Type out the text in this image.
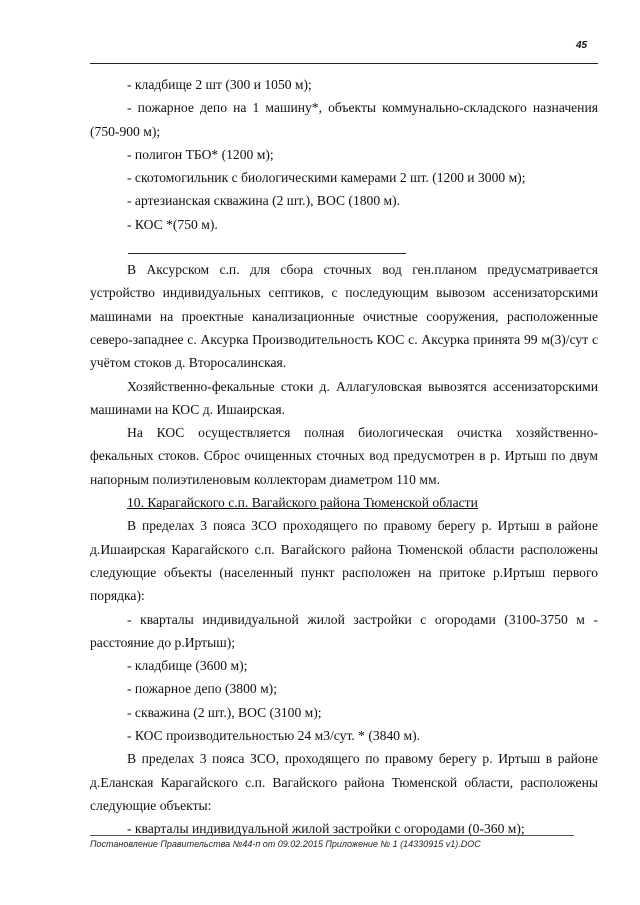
45

- кладбище 2 шт (300 и 1050 м);

- пожарное депо на 1 машину*, объекты коммунально-складского назначения (750-900 м);

- полигон ТБО* (1200 м);

- скотомогильник с биологическими камерами 2 шт. (1200 и 3000 м);

- артезианская скважина (2 шт.), ВОС (1800 м).

- КОС *(750 м).

В Аксурском с.п. для сбора сточных вод ген.планом предусматривается устройство индивидуальных септиков, с последующим вывозом ассенизаторскими машинами на проектные канализационные очистные сооружения, расположенные северо-западнее с. Аксурка Производительность КОС с. Аксурка принята 99 м(3)/сут с учётом стоков д. Второсалинская.

Хозяйственно-фекальные стоки д. Аллагуловская вывозятся ассенизаторскими машинами на КОС д. Ишаирская.

На КОС осуществляется полная биологическая очистка хозяйственно-фекальных стоков. Сброс очищенных сточных вод предусмотрен в р. Иртыш по двум напорным полиэтиленовым коллекторам диаметром 110 мм.

10. Карагайского с.п. Вагайского района Тюменской области

В пределах 3 пояса ЗСО проходящего по правому берегу р. Иртыш в районе д.Ишаирская Карагайского с.п. Вагайского района Тюменской области расположены следующие объекты (населенный пункт расположен на притоке р.Иртыш первого порядка):

- кварталы индивидуальной жилой застройки с огородами (3100-3750 м - расстояние до р.Иртыш);

- кладбище (3600 м);

- пожарное депо (3800 м);

- скважина (2 шт.), ВОС (3100 м);

- КОС производительностью 24 м3/сут. * (3840 м).

В пределах 3 пояса ЗСО, проходящего по правому берегу р. Иртыш в районе д.Еланская Карагайского с.п. Вагайского района Тюменской области, расположены следующие объекты:

- кварталы индивидуальной жилой застройки с огородами (0-360 м);

Постановление Правительства №44-п от 09.02.2015 Приложение № 1 (14330915 v1).DOC
